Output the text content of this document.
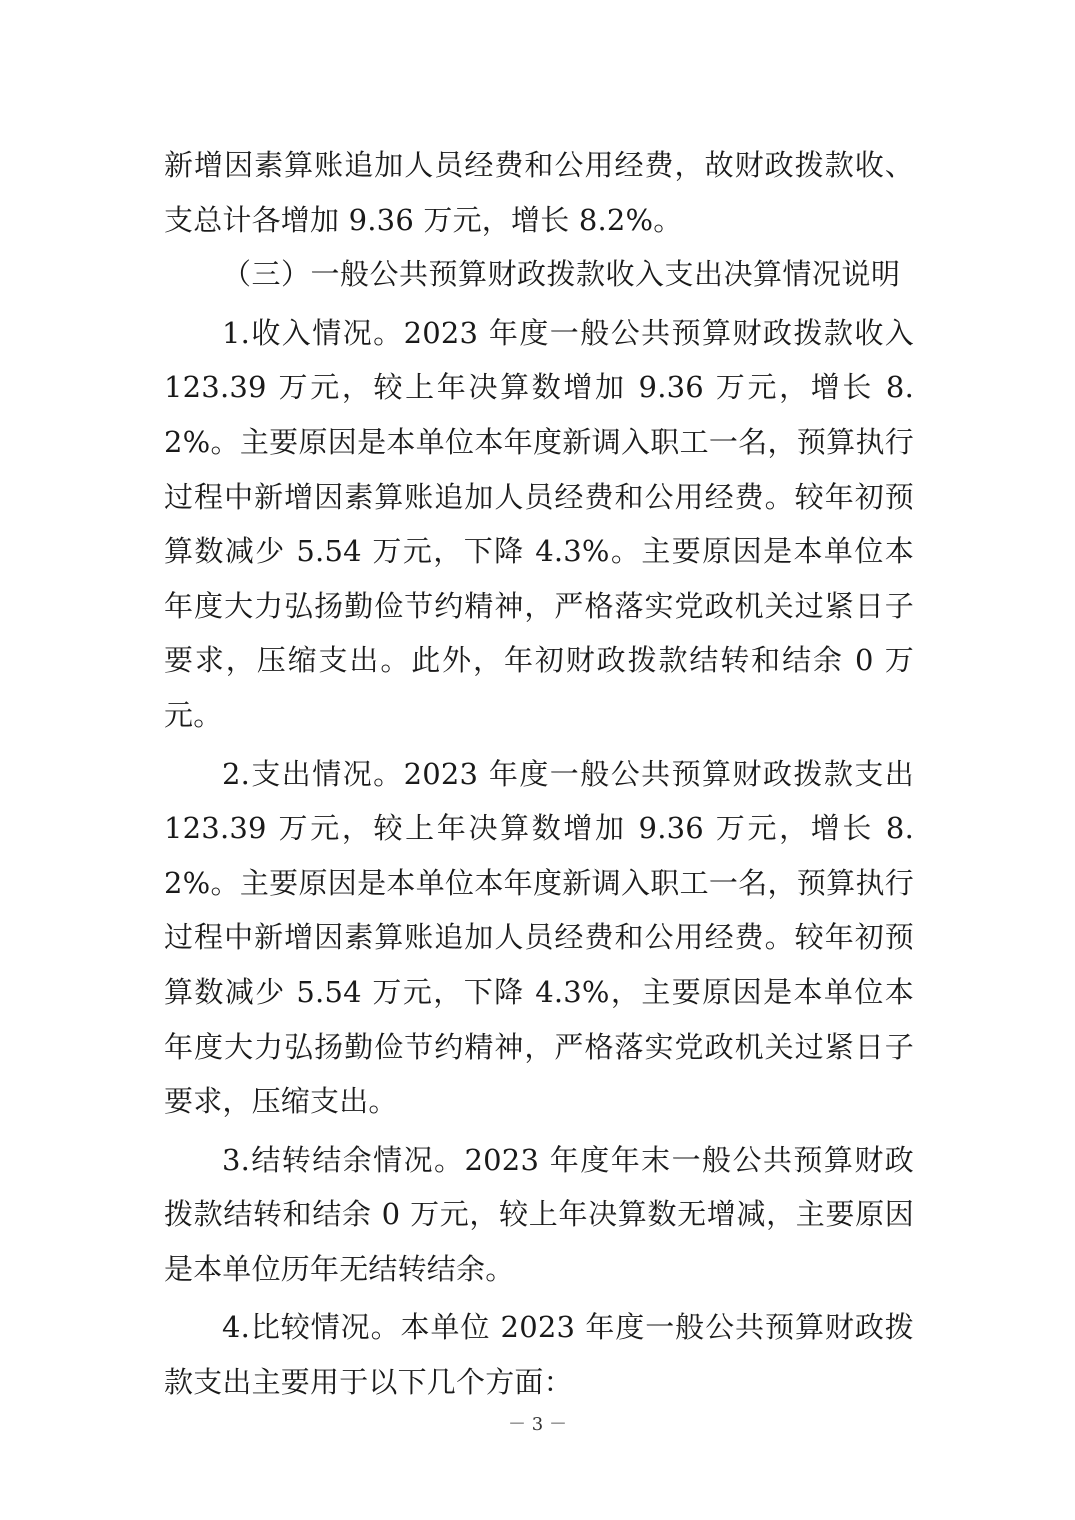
新增因素算账追加人员经费和公用经费，故财政拨款收、支总计各增加 9.36 万元，增长 8.2%。

（三）一般公共预算财政拨款收入支出决算情况说明

1.收入情况。2023 年度一般公共预算财政拨款收入 123.39 万元，较上年决算数增加 9.36 万元，增长 8.2%。主要原因是本单位本年度新调入职工一名，预算执行过程中新增因素算账追加人员经费和公用经费。较年初预算数减少 5.54 万元，下降 4.3%。主要原因是本单位本年度大力弘扬勤俭节约精神，严格落实党政机关过紧日子要求，压缩支出。此外，年初财政拨款结转和结余 0 万元。

2.支出情况。2023 年度一般公共预算财政拨款支出 123.39 万元，较上年决算数增加 9.36 万元，增长 8.2%。主要原因是本单位本年度新调入职工一名，预算执行过程中新增因素算账追加人员经费和公用经费。较年初预算数减少 5.54 万元，下降 4.3%，主要原因是本单位本年度大力弘扬勤俭节约精神，严格落实党政机关过紧日子要求，压缩支出。

3.结转结余情况。2023 年度年末一般公共预算财政拨款结转和结余 0 万元，较上年决算数无增减，主要原因是本单位历年无结转结余。

4.比较情况。本单位 2023 年度一般公共预算财政拨款支出主要用于以下几个方面：

－ 3 －
